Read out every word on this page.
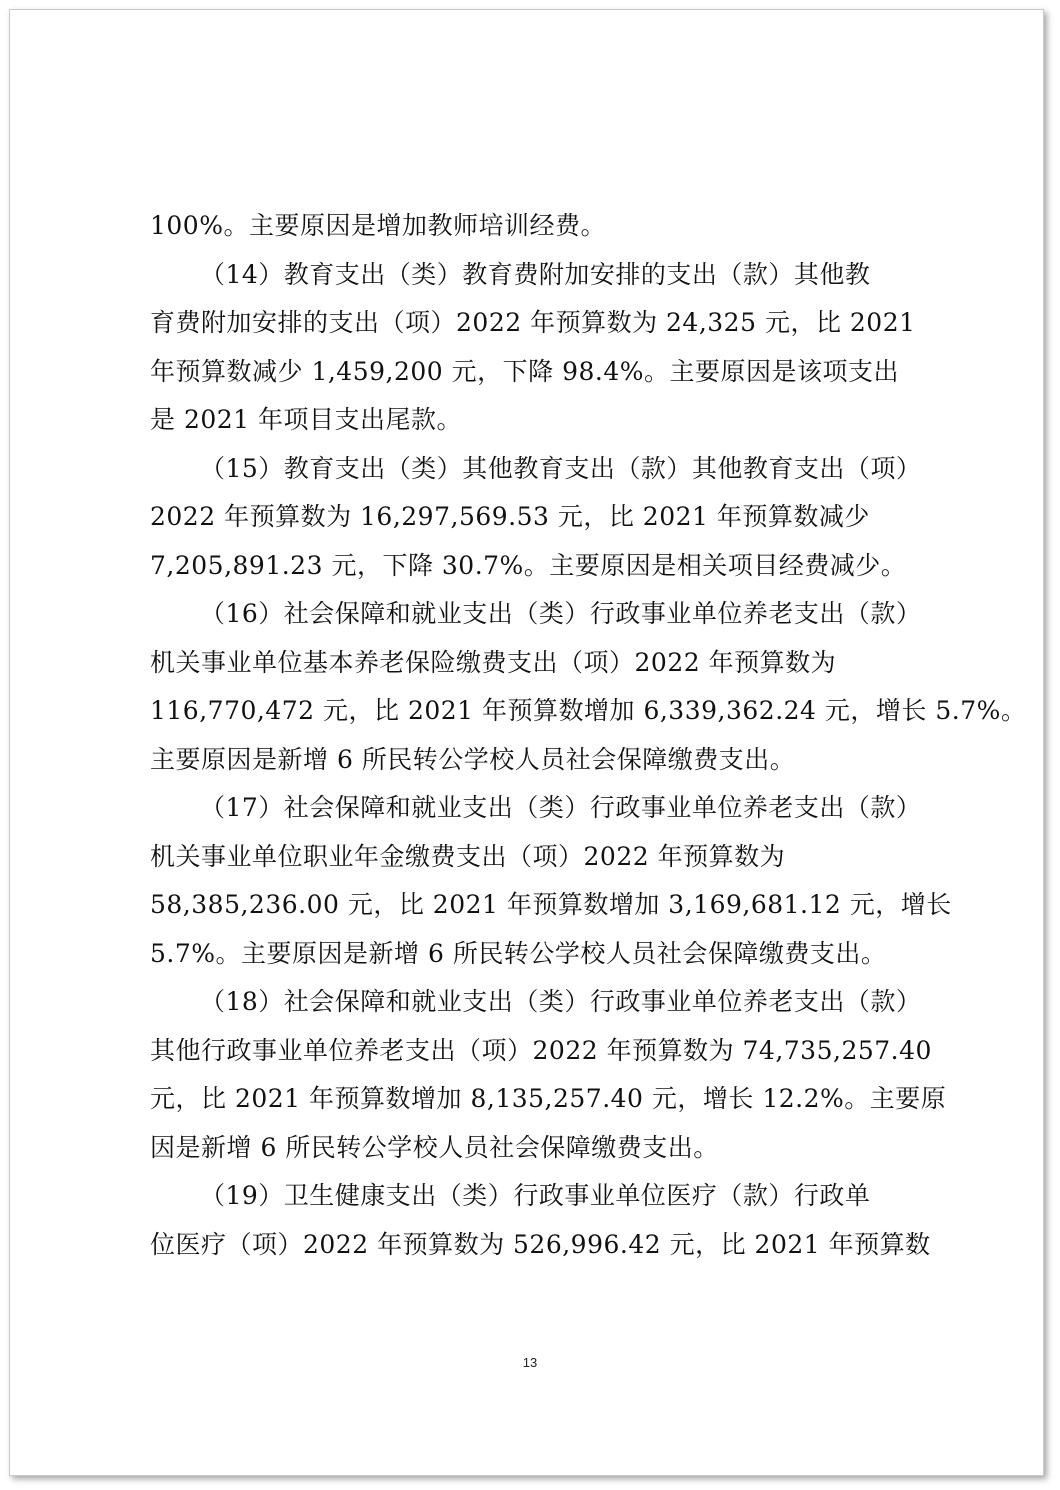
100%。主要原因是增加教师培训经费。
（14）教育支出（类）教育费附加安排的支出（款）其他教
育费附加安排的支出（项）2022 年预算数为 24,325 元，比 2021
年预算数减少 1,459,200 元，下降 98.4%。主要原因是该项支出
是 2021 年项目支出尾款。
（15）教育支出（类）其他教育支出（款）其他教育支出（项）
2022 年预算数为 16,297,569.53 元，比 2021 年预算数减少
7,205,891.23 元，下降 30.7%。主要原因是相关项目经费减少。
（16）社会保障和就业支出（类）行政事业单位养老支出（款）
机关事业单位基本养老保险缴费支出（项）2022 年预算数为
116,770,472 元，比 2021 年预算数增加 6,339,362.24 元，增长 5.7%。
主要原因是新增 6 所民转公学校人员社会保障缴费支出。
（17）社会保障和就业支出（类）行政事业单位养老支出（款）
机关事业单位职业年金缴费支出（项）2022 年预算数为
58,385,236.00 元，比 2021 年预算数增加 3,169,681.12 元，增长
5.7%。主要原因是新增 6 所民转公学校人员社会保障缴费支出。
（18）社会保障和就业支出（类）行政事业单位养老支出（款）
其他行政事业单位养老支出（项）2022 年预算数为 74,735,257.40
元，比 2021 年预算数增加 8,135,257.40 元，增长 12.2%。主要原
因是新增 6 所民转公学校人员社会保障缴费支出。
（19）卫生健康支出（类）行政事业单位医疗（款）行政单
位医疗（项）2022 年预算数为 526,996.42 元，比 2021 年预算数
13
